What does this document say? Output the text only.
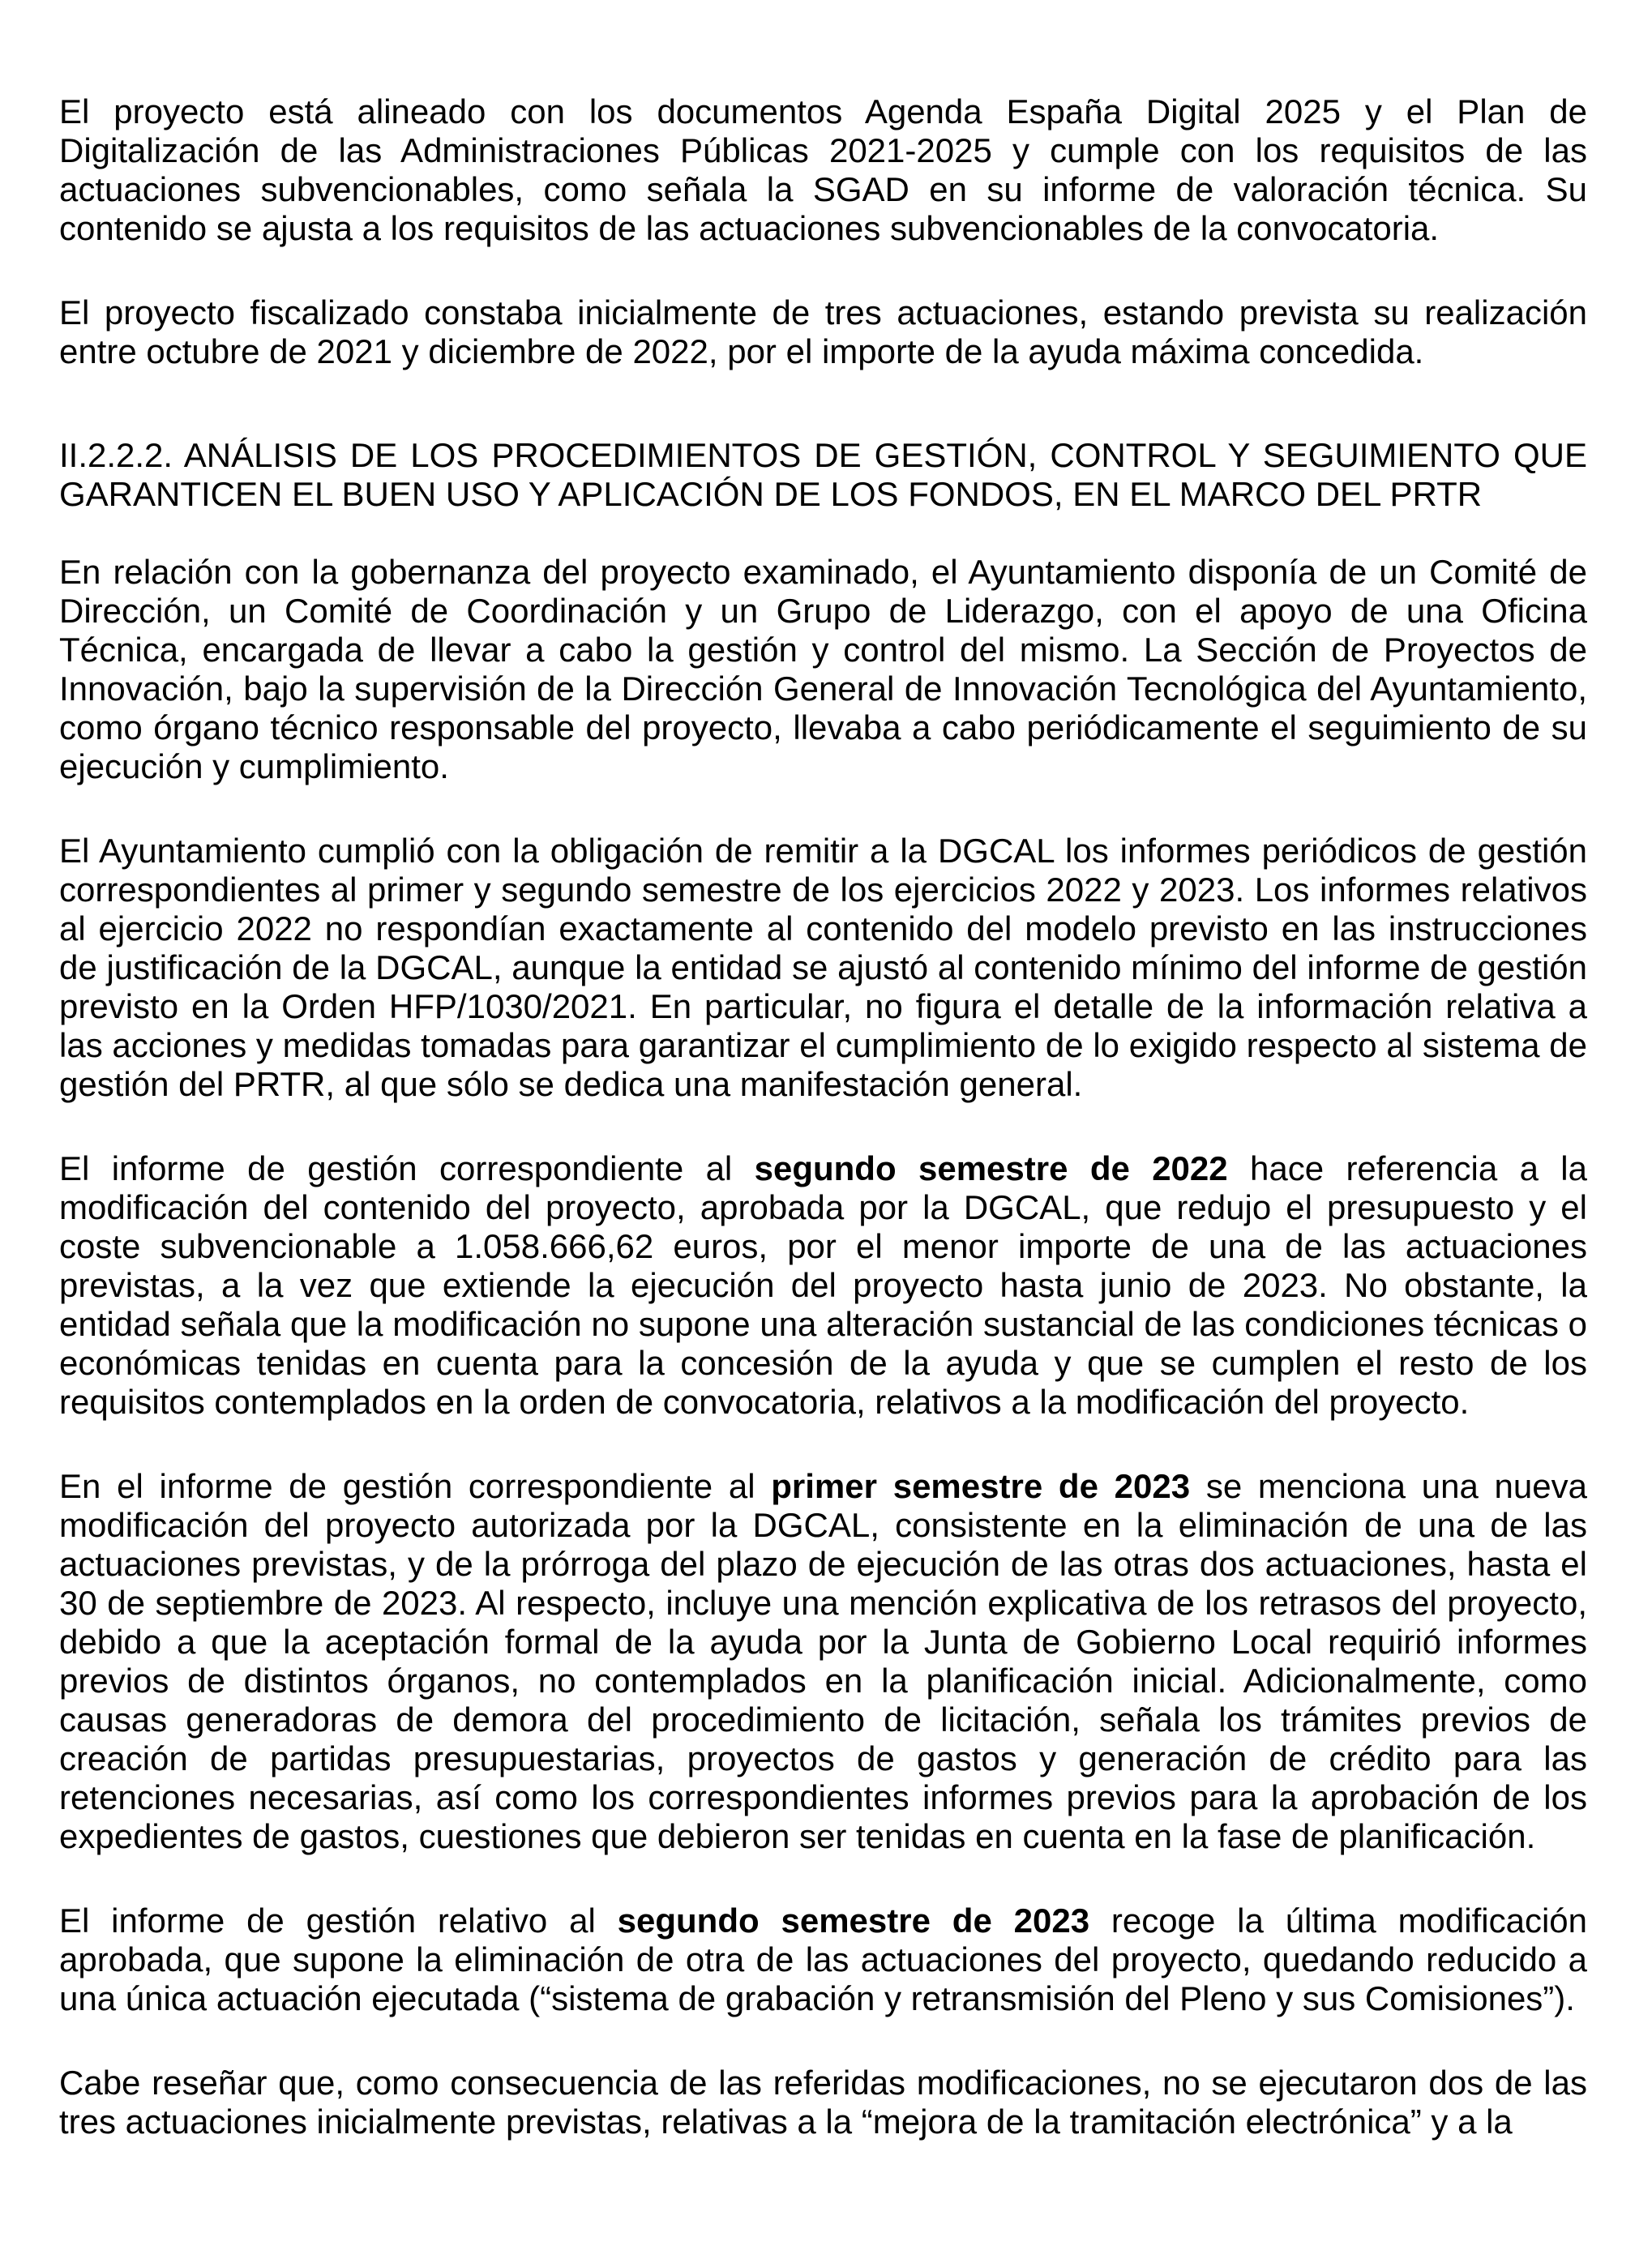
El proyecto está alineado con los documentos Agenda España Digital 2025 y el Plan de Digitalización de las Administraciones Públicas 2021-2025 y cumple con los requisitos de las actuaciones subvencionables, como señala la SGAD en su informe de valoración técnica. Su contenido se ajusta a los requisitos de las actuaciones subvencionables de la convocatoria.

El proyecto fiscalizado constaba inicialmente de tres actuaciones, estando prevista su realización entre octubre de 2021 y diciembre de 2022, por el importe de la ayuda máxima concedida.

II.2.2.2. ANÁLISIS DE LOS PROCEDIMIENTOS DE GESTIÓN, CONTROL Y SEGUIMIENTO QUE GARANTICEN EL BUEN USO Y APLICACIÓN DE LOS FONDOS, EN EL MARCO DEL PRTR

En relación con la gobernanza del proyecto examinado, el Ayuntamiento disponía de un Comité de Dirección, un Comité de Coordinación y un Grupo de Liderazgo, con el apoyo de una Oficina Técnica, encargada de llevar a cabo la gestión y control del mismo. La Sección de Proyectos de Innovación, bajo la supervisión de la Dirección General de Innovación Tecnológica del Ayuntamiento, como órgano técnico responsable del proyecto, llevaba a cabo periódicamente el seguimiento de su ejecución y cumplimiento.

El Ayuntamiento cumplió con la obligación de remitir a la DGCAL los informes periódicos de gestión correspondientes al primer y segundo semestre de los ejercicios 2022 y 2023. Los informes relativos al ejercicio 2022 no respondían exactamente al contenido del modelo previsto en las instrucciones de justificación de la DGCAL, aunque la entidad se ajustó al contenido mínimo del informe de gestión previsto en la Orden HFP/1030/2021. En particular, no figura el detalle de la información relativa a las acciones y medidas tomadas para garantizar el cumplimiento de lo exigido respecto al sistema de gestión del PRTR, al que sólo se dedica una manifestación general.

El informe de gestión correspondiente al segundo semestre de 2022 hace referencia a la modificación del contenido del proyecto, aprobada por la DGCAL, que redujo el presupuesto y el coste subvencionable a 1.058.666,62 euros, por el menor importe de una de las actuaciones previstas, a la vez que extiende la ejecución del proyecto hasta junio de 2023. No obstante, la entidad señala que la modificación no supone una alteración sustancial de las condiciones técnicas o económicas tenidas en cuenta para la concesión de la ayuda y que se cumplen el resto de los requisitos contemplados en la orden de convocatoria, relativos a la modificación del proyecto.

En el informe de gestión correspondiente al primer semestre de 2023 se menciona una nueva modificación del proyecto autorizada por la DGCAL, consistente en la eliminación de una de las actuaciones previstas, y de la prórroga del plazo de ejecución de las otras dos actuaciones, hasta el 30 de septiembre de 2023. Al respecto, incluye una mención explicativa de los retrasos del proyecto, debido a que la aceptación formal de la ayuda por la Junta de Gobierno Local requirió informes previos de distintos órganos, no contemplados en la planificación inicial. Adicionalmente, como causas generadoras de demora del procedimiento de licitación, señala los trámites previos de creación de partidas presupuestarias, proyectos de gastos y generación de crédito para las retenciones necesarias, así como los correspondientes informes previos para la aprobación de los expedientes de gastos, cuestiones que debieron ser tenidas en cuenta en la fase de planificación.

El informe de gestión relativo al segundo semestre de 2023 recoge la última modificación aprobada, que supone la eliminación de otra de las actuaciones del proyecto, quedando reducido a una única actuación ejecutada (“sistema de grabación y retransmisión del Pleno y sus Comisiones”).

Cabe reseñar que, como consecuencia de las referidas modificaciones, no se ejecutaron dos de las tres actuaciones inicialmente previstas, relativas a la “mejora de la tramitación electrónica” y a la
